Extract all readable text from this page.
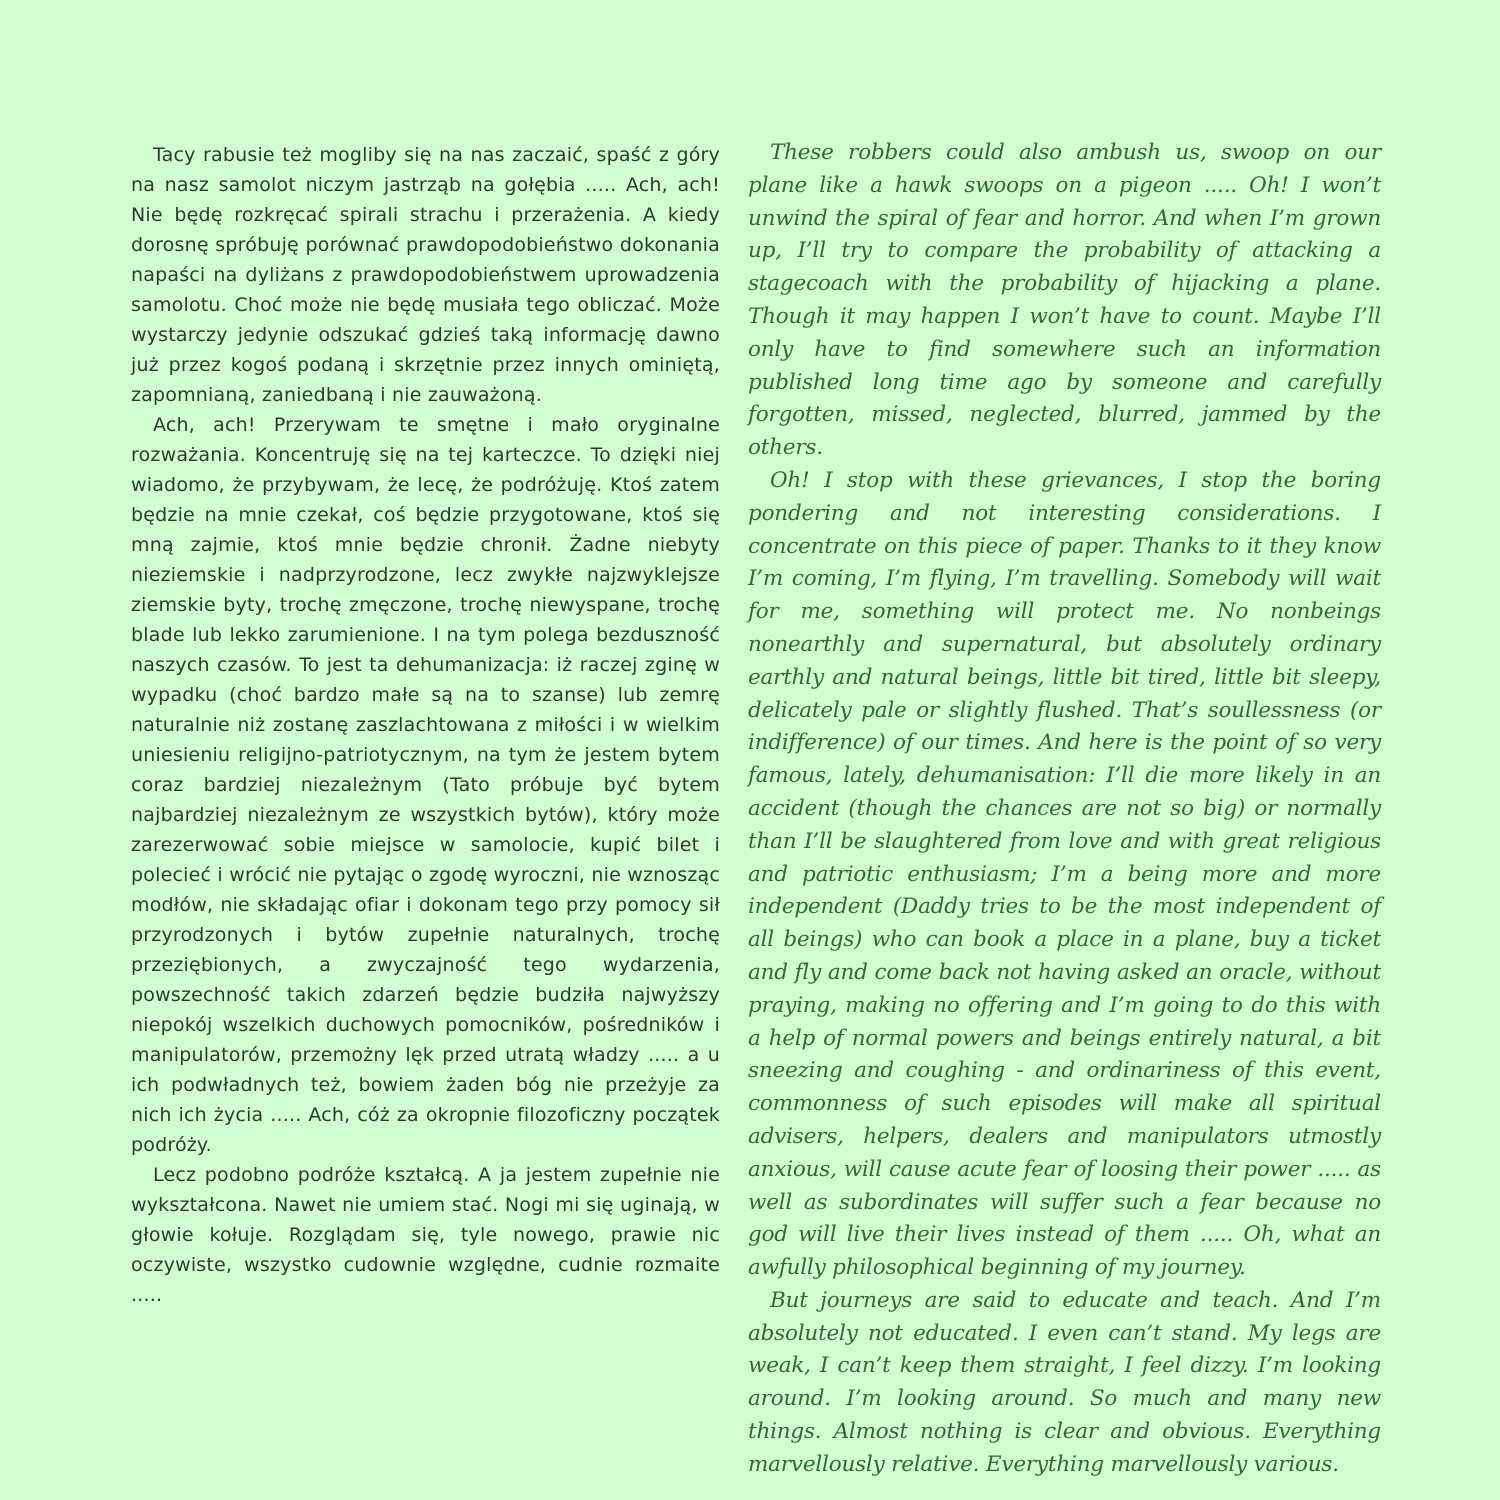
Tacy rabusie też mogliby się na nas zaczaić, spaść z góry na nasz samolot niczym jastrząb na gołębia ..... Ach, ach! Nie będę rozkręcać spirali strachu i przerażenia. A kiedy dorosnę spróbuję porównać prawdopodobieństwo dokonania napaści na dyliżans z prawdopodobieństwem uprowadzenia samolotu. Choć może nie będę musiała tego obliczać. Może wystarczy jedynie odszukać gdzieś taką informację dawno już przez kogoś podaną i skrzętnie przez innych ominiętą, zapomnianą, zaniedbaną i nie zauważoną.

Ach, ach! Przerywam te smętne i mało oryginalne rozważania. Koncentruję się na tej karteczce. To dzięki niej wiadomo, że przybywam, że lecę, że podróżuję. Ktoś zatem będzie na mnie czekał, coś będzie przygotowane, ktoś się mną zajmie, ktoś mnie będzie chronił. Żadne niebyty nieziemskie i nadprzyrodzone, lecz zwykłe najzwyklejsze ziemskie byty, trochę zmęczone, trochę niewyspane, trochę blade lub lekko zarumienione. I na tym polega bezduszność naszych czasów. To jest ta dehumanizacja: iż raczej zginę w wypadku (choć bardzo małe są na to szanse) lub zemrę naturalnie niż zostanę zaszlachtowana z miłości i w wielkim uniesieniu religijno-patriotycznym, na tym że jestem bytem coraz bardziej niezależnym (Tato próbuje być bytem najbardziej niezależnym ze wszystkich bytów), który może zarezerwować sobie miejsce w samolocie, kupić bilet i polecieć i wrócić nie pytając o zgodę wyroczni, nie wznosząc modłów, nie składając ofiar i dokonam tego przy pomocy sił przyrodzonych i bytów zupełnie naturalnych, trochę przeziębionych, a zwyczajność tego wydarzenia, powszechność takich zdarzeń będzie budziła najwyższy niepokój wszelkich duchowych pomocników, pośredników i manipulatorów, przemożny lęk przed utratą władzy ..... a u ich podwładnych też, bowiem żaden bóg nie przeżyje za nich ich życia ..... Ach, cóż za okropnie filozoficzny początek podróży.

Lecz podobno podróże kształcą. A ja jestem zupełnie nie wykształcona. Nawet nie umiem stać. Nogi mi się uginają, w głowie kołuje. Rozglądam się, tyle nowego, prawie nic oczywiste, wszystko cudownie względne, cudnie rozmaite .....

These robbers could also ambush us, swoop on our plane like a hawk swoops on a pigeon ..... Oh! I won’t unwind the spiral of fear and horror. And when I’m grown up, I’ll try to compare the probability of attacking a stagecoach with the probability of hijacking a plane. Though it may happen I won’t have to count. Maybe I’ll only have to find somewhere such an information published long time ago by someone and carefully forgotten, missed, neglected, blurred, jammed by the others.

Oh! I stop with these grievances, I stop the boring pondering and not interesting considerations. I concentrate on this piece of paper. Thanks to it they know I’m coming, I’m flying, I’m travelling. Somebody will wait for me, something will protect me. No nonbeings nonearthly and supernatural, but absolutely ordinary earthly and natural beings, little bit tired, little bit sleepy, delicately pale or slightly flushed. That’s soullessness (or indifference) of our times. And here is the point of so very famous, lately, dehumanisation: I’ll die more likely in an accident (though the chances are not so big) or normally than I’ll be slaughtered from love and with great religious and patriotic enthusiasm; I’m a being more and more independent (Daddy tries to be the most independent of all beings) who can book a place in a plane, buy a ticket and fly and come back not having asked an oracle, without praying, making no offering and I’m going to do this with a help of normal powers and beings entirely natural, a bit sneezing and coughing - and ordinariness of this event, commonness of such episodes will make all spiritual advisers, helpers, dealers and manipulators utmostly anxious, will cause acute fear of loosing their power ..... as well as subordinates will suffer such a fear because no god will live their lives instead of them ..... Oh, what an awfully philosophical beginning of my journey.

But journeys are said to educate and teach. And I’m absolutely not educated. I even can’t stand. My legs are weak, I can’t keep them straight, I feel dizzy. I’m looking around. I’m looking around. So much and many new things. Almost nothing is clear and obvious. Everything marvellously relative. Everything marvellously various.
